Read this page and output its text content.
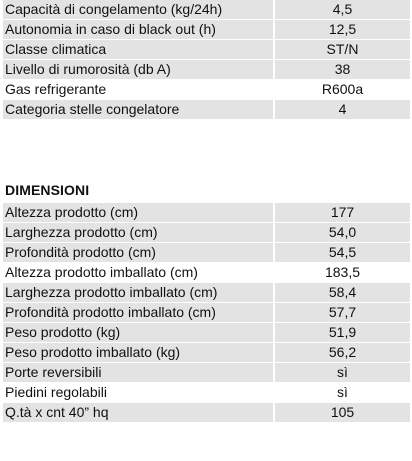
Capacità di congelamento (kg/24h)	4,5
Autonomia in caso di black out (h)	12,5
Classe climatica	ST/N
Livello di rumorosità (db A)	38
Gas refrigerante	R600a
Categoria stelle congelatore	4
DIMENSIONI
Altezza prodotto (cm)	177
Larghezza prodotto (cm)	54,0
Profondità prodotto (cm)	54,5
Altezza prodotto imballato (cm)	183,5
Larghezza prodotto imballato (cm)	58,4
Profondità prodotto imballato (cm)	57,7
Peso prodotto (kg)	51,9
Peso prodotto imballato (kg)	56,2
Porte reversibili	sì
Piedini regolabili	sì
Q.tà x cnt 40” hq	105
